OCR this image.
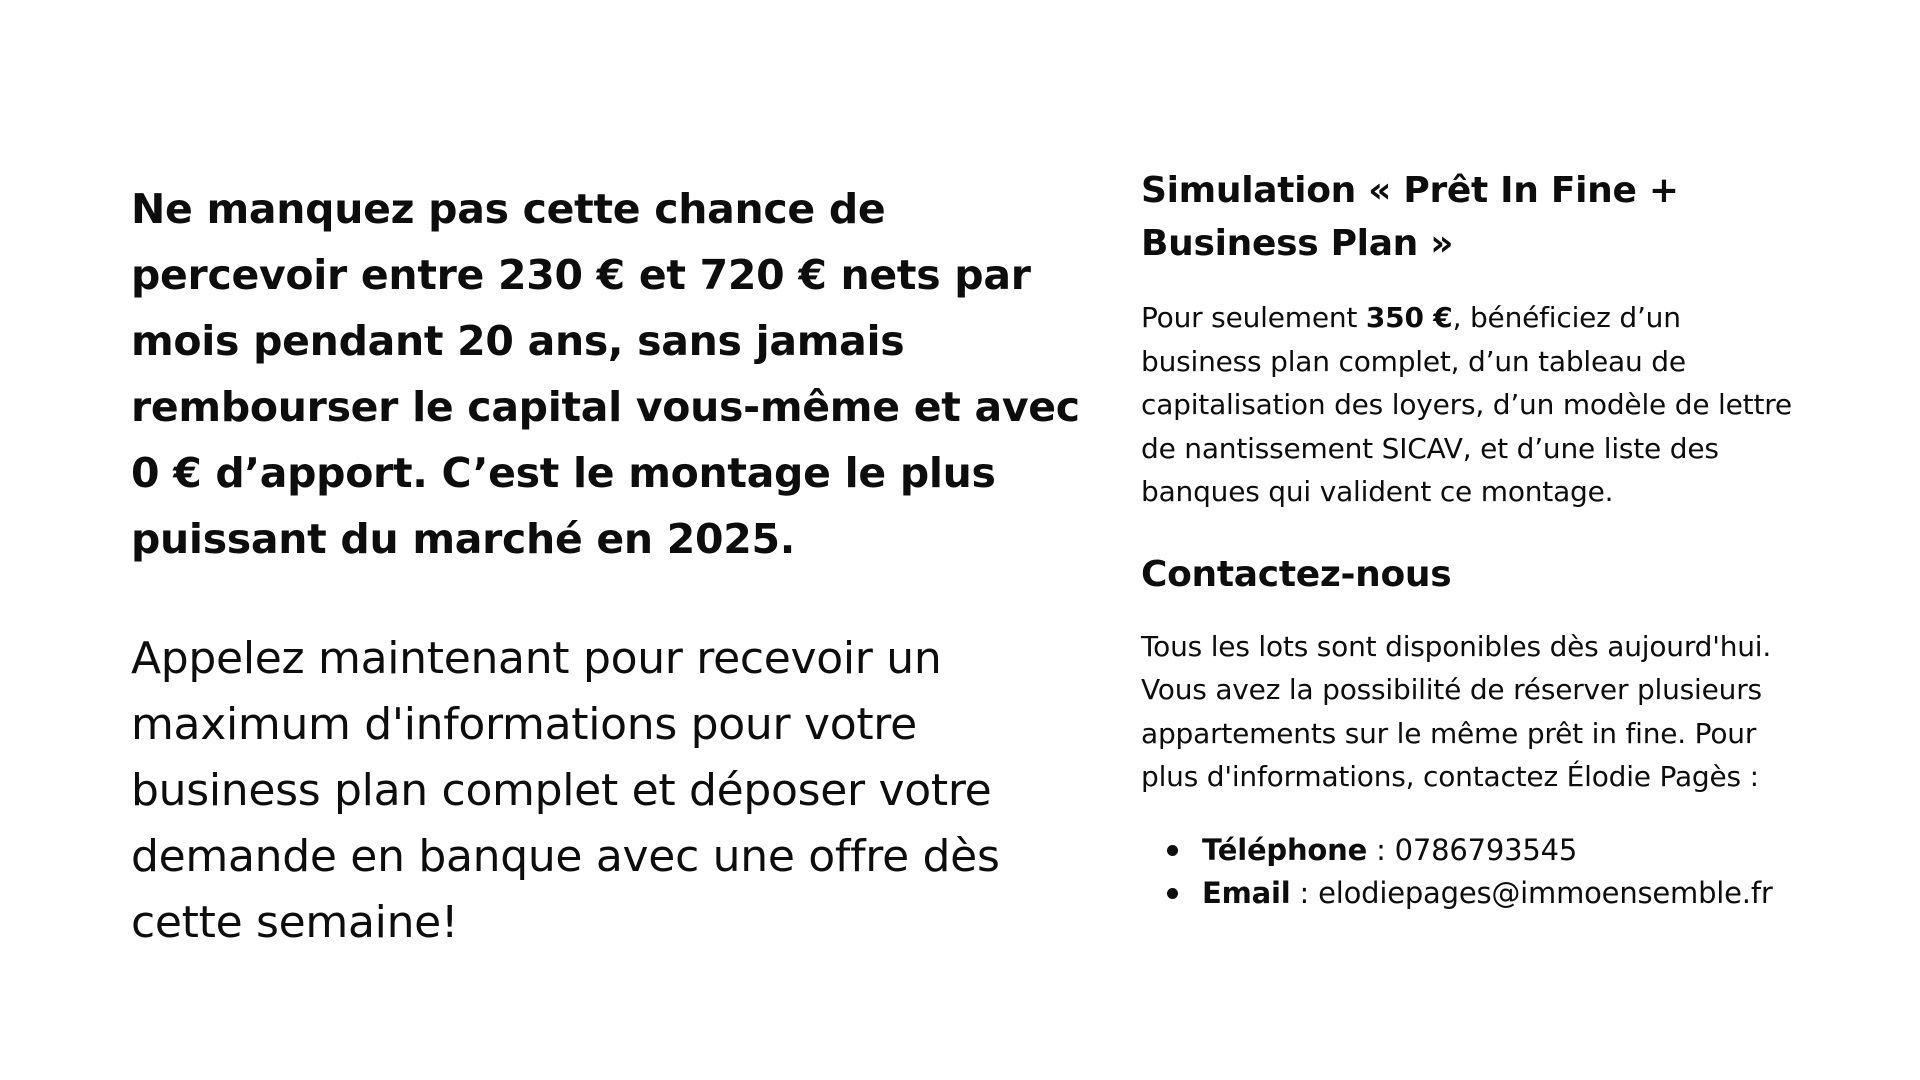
Ne manquez pas cette chance de percevoir entre 230 € et 720 € nets par mois pendant 20 ans, sans jamais rembourser le capital vous-même et avec 0 € d’apport. C’est le montage le plus puissant du marché en 2025.

Appelez maintenant pour recevoir un maximum d'informations pour votre business plan complet et déposer votre demande en banque avec une offre dès cette semaine!

Simulation « Prêt In Fine + Business Plan »

Pour seulement 350 €, bénéficiez d’un business plan complet, d’un tableau de capitalisation des loyers, d’un modèle de lettre de nantissement SICAV, et d’une liste des banques qui valident ce montage.

Contactez-nous

Tous les lots sont disponibles dès aujourd'hui. Vous avez la possibilité de réserver plusieurs appartements sur le même prêt in fine. Pour plus d'informations, contactez Élodie Pagès :

Téléphone : 0786793545
Email : elodiepages@immoensemble.fr
